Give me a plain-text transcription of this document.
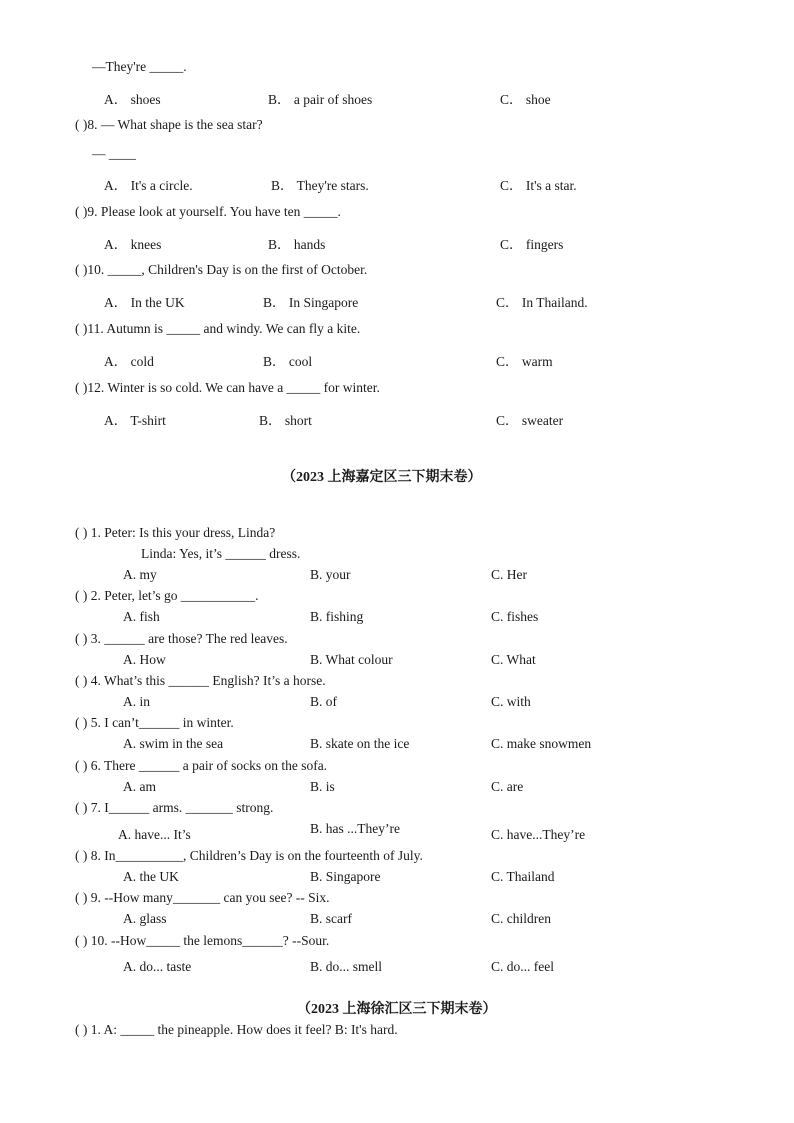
—They're _____.
A． shoes	B． a pair of shoes	C． shoe
( )8. — What shape is the sea star?
— ____
A． It's a circle.	B． They're stars.	C． It's a star.
( )9. Please look at yourself. You have ten _____.
A． knees	B． hands	C． fingers
( )10. _____, Children's Day is on the first of October.
A． In the UK	B． In Singapore	C． In Thailand.
( )11. Autumn is _____ and windy. We can fly a kite.
A． cold	B． cool	C． warm
( )12. Winter is so cold. We can have a _____ for winter.
A． T-shirt	B． short	C． sweater
（2023 上海嘉定区三下期末卷）
( ) 1. Peter: Is this your dress, Linda?
Linda: Yes, it’s ______ dress.
A. my	B. your	C. Her
( ) 2. Peter, let’s go ___________.
A. fish	B. fishing	C. fishes
( ) 3. ______ are those? The red leaves.
A. How	B. What colour	C. What
( ) 4. What’s this ______ English? It’s a horse.
A. in	B. of	C. with
( ) 5. I can’t______ in winter.
A. swim in the sea	B. skate on the ice	C. make snowmen
( ) 6. There ______ a pair of socks on the sofa.
A. am	B. is	C. are
( ) 7. I______ arms. _______ strong.
A. have... It’s	B. has ...They’re	C. have...They’re
( ) 8. In__________, Children’s Day is on the fourteenth of July.
A. the UK	B. Singapore	C. Thailand
( ) 9. --How many_______ can you see? -- Six.
A. glass	B. scarf	C. children
( ) 10. --How_____ the lemons______? --Sour.
A. do... taste	B. do... smell	C. do... feel
（2023 上海徐汇区三下期末卷）
( ) 1. A: _____ the pineapple. How does it feel? B: It's hard.
